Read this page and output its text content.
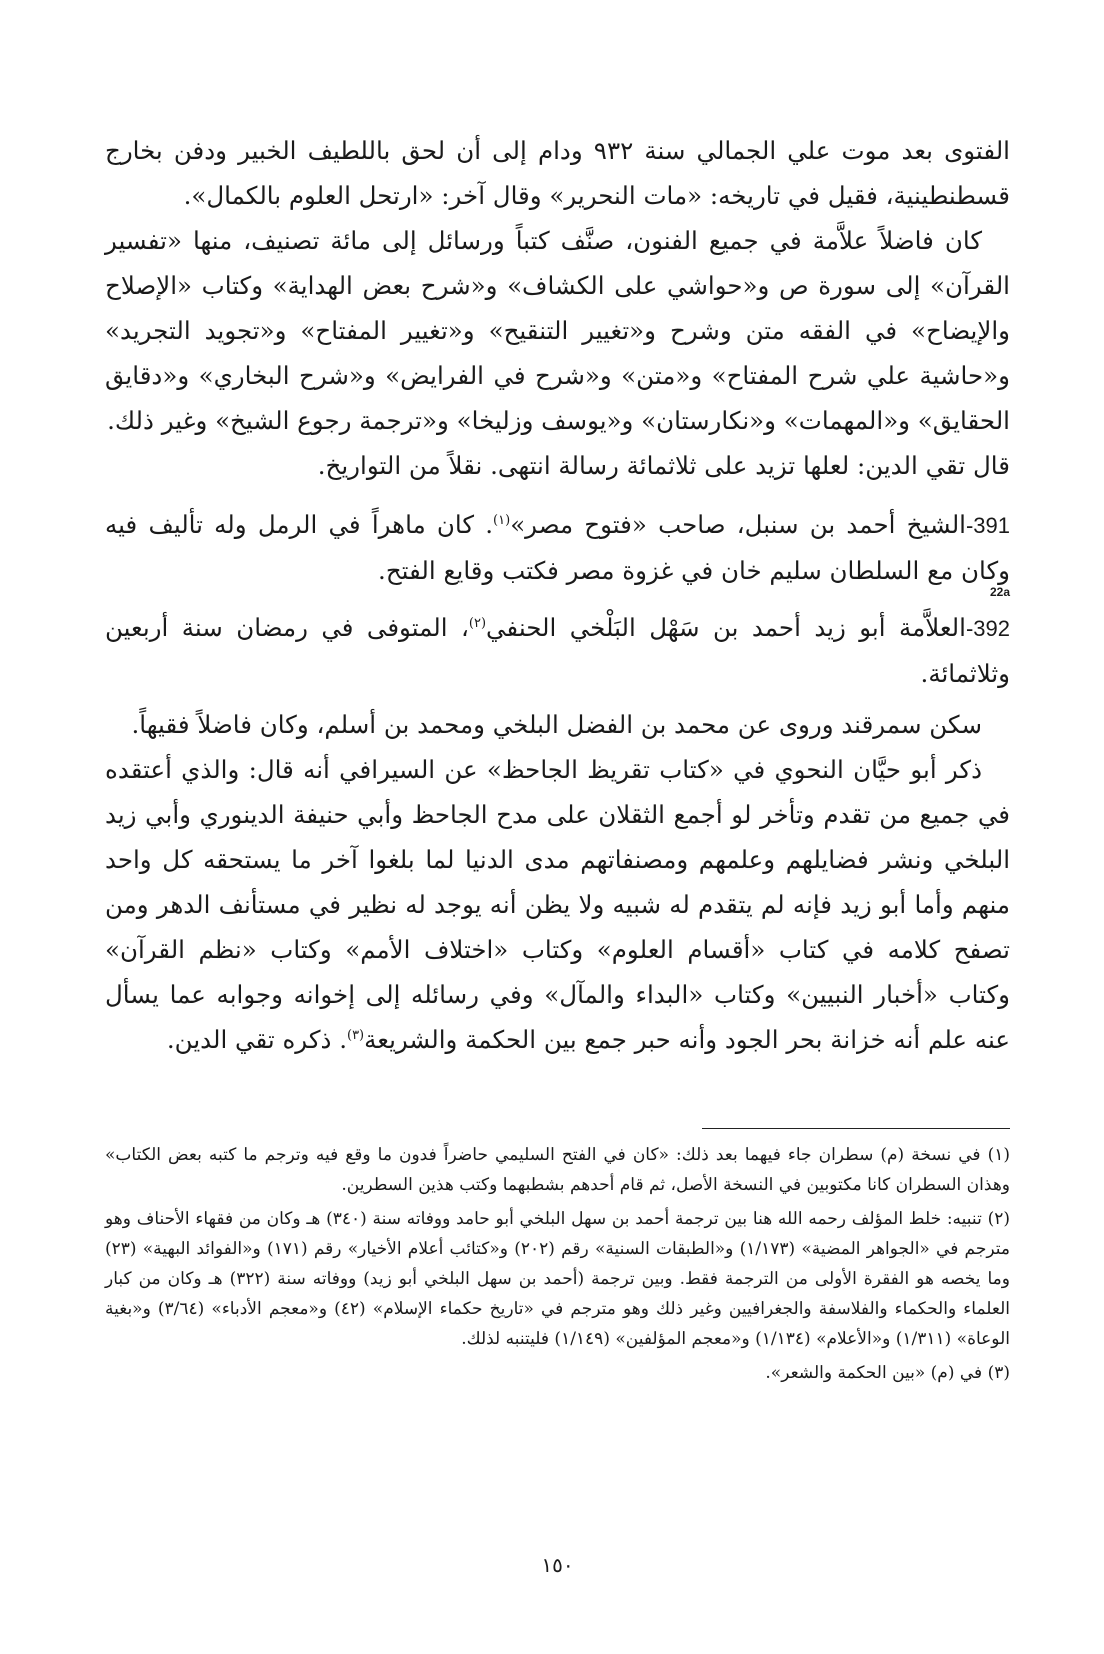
الفتوى بعد موت علي الجمالي سنة ٩٣٢ ودام إلى أن لحق باللطيف الخبير ودفن بخارج قسطنطينية، فقيل في تاريخه: «مات النحرير» وقال آخر: «ارتحل العلوم بالكمال».

كان فاضلاً علاَّمة في جميع الفنون، صنَّف كتباً ورسائل إلى مائة تصنيف، منها «تفسير القرآن» إلى سورة ص و«حواشي على الكشاف» و«شرح بعض الهداية» وكتاب «الإصلاح والإيضاح» في الفقه متن وشرح و«تغيير التنقيح» و«تغيير المفتاح» و«تجويد التجريد» و«حاشية علي شرح المفتاح» و«متن» و«شرح في الفرايض» و«شرح البخاري» و«دقايق الحقايق» و«المهمات» و«نكارستان» و«يوسف وزليخا» و«ترجمة رجوع الشيخ» وغير ذلك.

قال تقي الدين: لعلها تزيد على ثلاثمائة رسالة انتهى. نقلاً من التواريخ.

391-الشيخ أحمد بن سنبل، صاحب «فتوح مصر»$^{(١)}$. كان ماهراً في الرمل وله تأليف فيه وكان مع السلطان سليم خان في غزوة مصر فكتب وقايع الفتح.

22a

392-العلاَّمة أبو زيد أحمد بن سَهْل البَلْخي الحنفي$^{(٢)}$، المتوفى في رمضان سنة أربعين وثلاثمائة.

سكن سمرقند وروى عن محمد بن الفضل البلخي ومحمد بن أسلم، وكان فاضلاً فقيهاً.

ذكر أبو حيَّان النحوي في «كتاب تقريظ الجاحظ» عن السيرافي أنه قال: والذي أعتقده في جميع من تقدم وتأخر لو أجمع الثقلان على مدح الجاحظ وأبي حنيفة الدينوري وأبي زيد البلخي ونشر فضايلهم وعلمهم ومصنفاتهم مدى الدنيا لما بلغوا آخر ما يستحقه كل واحد منهم وأما أبو زيد فإنه لم يتقدم له شبيه ولا يظن أنه يوجد له نظير في مستأنف الدهر ومن تصفح كلامه في كتاب «أقسام العلوم» وكتاب «اختلاف الأمم» وكتاب «نظم القرآن» وكتاب «أخبار النبيين» وكتاب «البداء والمآل» وفي رسائله إلى إخوانه وجوابه عما يسأل عنه علم أنه خزانة بحر الجود وأنه حبر جمع بين الحكمة والشريعة$^{(٣)}$. ذكره تقي الدين.

(١) في نسخة (م) سطران جاء فيهما بعد ذلك: «كان في الفتح السليمي حاضراً فدون ما وقع فيه وترجم ما كتبه بعض الكتاب» وهذان السطران كانا مكتوبين في النسخة الأصل، ثم قام أحدهم بشطبهما وكتب هذين السطرين.

(٢) تنبيه: خلط المؤلف رحمه الله هنا بين ترجمة أحمد بن سهل البلخي أبو حامد ووفاته سنة (٣٤٠) هـ وكان من فقهاء الأحناف وهو مترجم في «الجواهر المضية» (١/١٧٣) و«الطبقات السنية» رقم (٢٠٢) و«كتائب أعلام الأخيار» رقم (١٧١) و«الفوائد البهية» (٢٣) وما يخصه هو الفقرة الأولى من الترجمة فقط. وبين ترجمة (أحمد بن سهل البلخي أبو زيد) ووفاته سنة (٣٢٢) هـ وكان من كبار العلماء والحكماء والفلاسفة والجغرافيين وغير ذلك وهو مترجم في «تاريخ حكماء الإسلام» (٤٢) و«معجم الأدباء» (٣/٦٤) و«بغية الوعاة» (١/٣١١) و«الأعلام» (١/١٣٤) و«معجم المؤلفين» (١/١٤٩) فليتنبه لذلك.

(٣) في (م) «بين الحكمة والشعر».

١٥٠
